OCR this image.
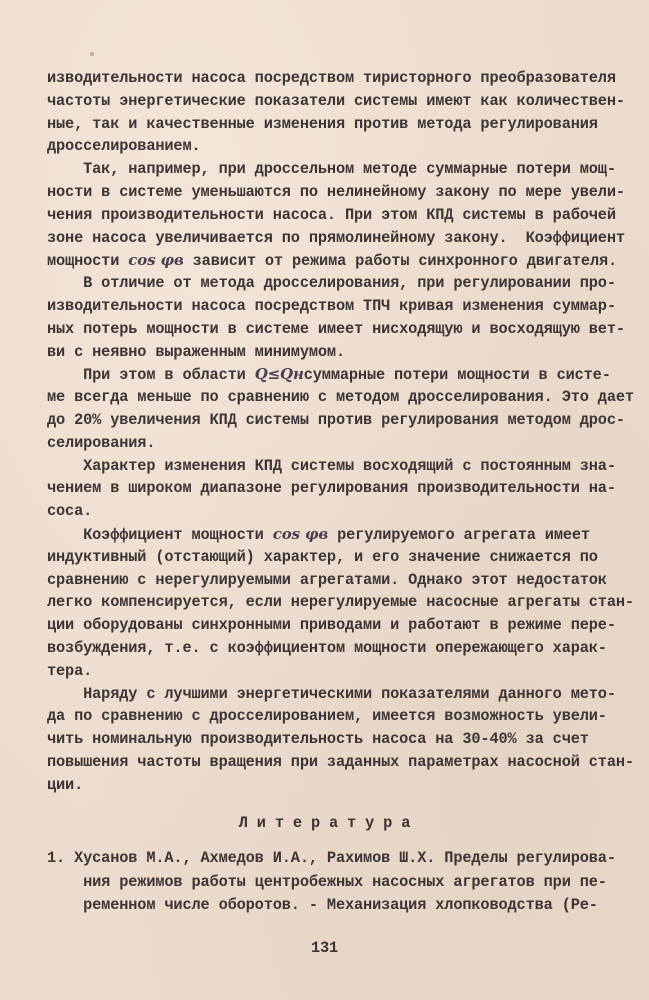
Л и т е р а т у р а
131
изводительности насоса посредством тиристорного преобразователя
частоты энергетические показатели системы имеют как количествен-
ные, так и качественные изменения против метода регулирования
дросселированием.
Так, например, при дроссельном методе суммарные потери мощ-
ности в системе уменьшаются по нелинейному закону по мере увели-
чения производительности насоса. При этом КПД системы в рабочей
зоне насоса увеличивается по прямолинейному закону.  Коэффициент
мощности cos φв зависит от режима работы синхронного двигателя.
В отличие от метода дросселирования, при регулировании про-
изводительности насоса посредством ТПЧ кривая изменения суммар-
ных потерь мощности в системе имеет нисходящую и восходящую вет-
ви с неявно выраженным минимумом.
При этом в области Q≤Qнсуммарные потери мощности в систе-
ме всегда меньше по сравнению с методом дросселирования. Это дает
до 20% увеличения КПД системы против регулирования методом дрос-
селирования.
Характер изменения КПД системы восходящий с постоянным зна-
чением в широком диапазоне регулирования производительности на-
соса.
Коэффициент мощности cos φв регулируемого агрегата имеет
индуктивный (отстающий) характер, и его значение снижается по
сравнению с нерегулируемыми агрегатами. Однако этот недостаток
легко компенсируется, если нерегулируемые насосные агрегаты стан-
ции оборудованы синхронными приводами и работают в режиме пере-
возбуждения, т.е. с коэффициентом мощности опережающего харак-
тера.
Наряду с лучшими энергетическими показателями данного мето-
да по сравнению с дросселированием, имеется возможность увели-
чить номинальную производительность насоса на 30-40% за счет
повышения частоты вращения при заданных параметрах насосной стан-
ции.
1. Хусанов М.А., Ахмедов И.А., Рахимов Ш.Х. Пределы регулирова-
ния режимов работы центробежных насосных агрегатов при пе-
ременном числе оборотов. - Механизация хлопководства (Ре-
